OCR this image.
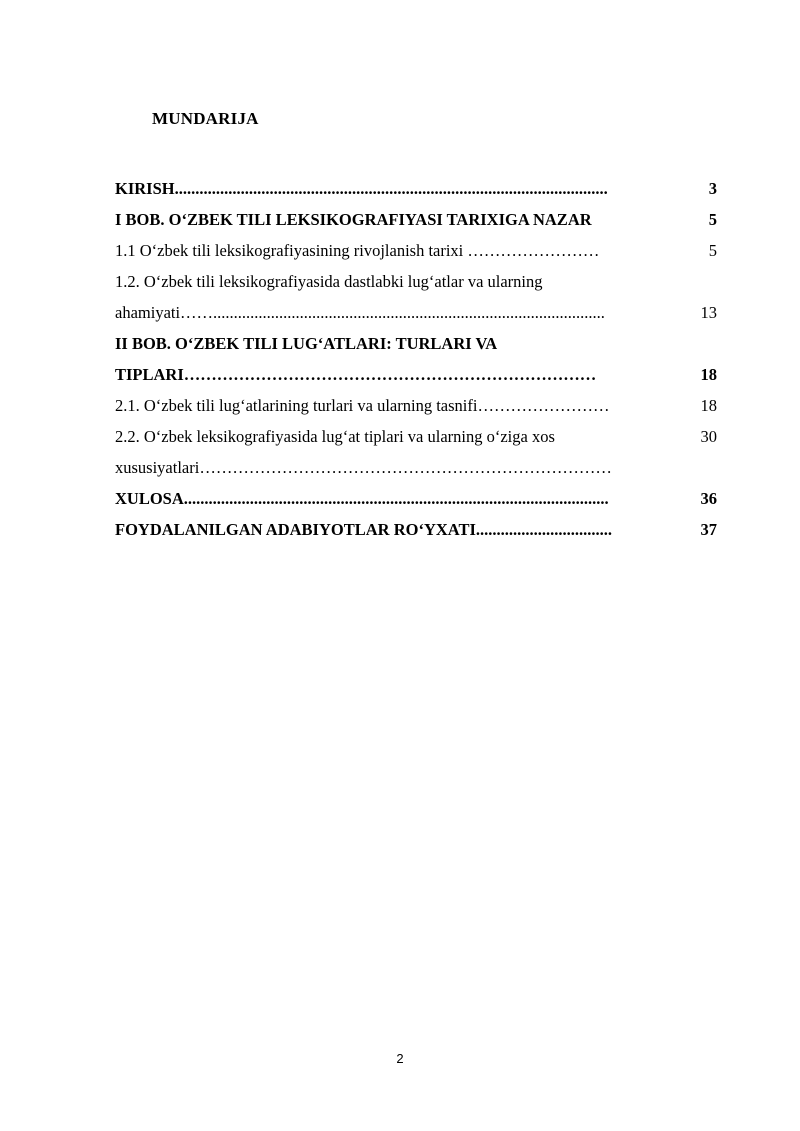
MUNDARIJA
KIRISH.........................................................................................................	3
I BOB. O‘ZBEK TILI LEKSIKOGRAFIYASI TARIXIGA NAZAR	5
1.1 O‘zbek tili leksikografiyasining rivojlanish tarixi ……………………	5
1.2. O‘zbek tili leksikografiyasida dastlabki lug‘atlar va ularning
ahamiyati……...............................................................................................	13
II BOB. O‘ZBEK TILI LUG‘ATLARI: TURLARI VA
TIPLARI…………………………………………………………………	18
2.1. O‘zbek tili lug‘atlarining turlari va ularning tasnifi……………………	18
2.2. O‘zbek leksikografiyasida lug‘at tiplari va ularning o‘ziga xos	30
xususiyatlari…………………………………………………………………
XULOSA.......................................................................................................	36
FOYDALANILGAN ADABIYOTLAR RO‘YXATI.................................	37
2
